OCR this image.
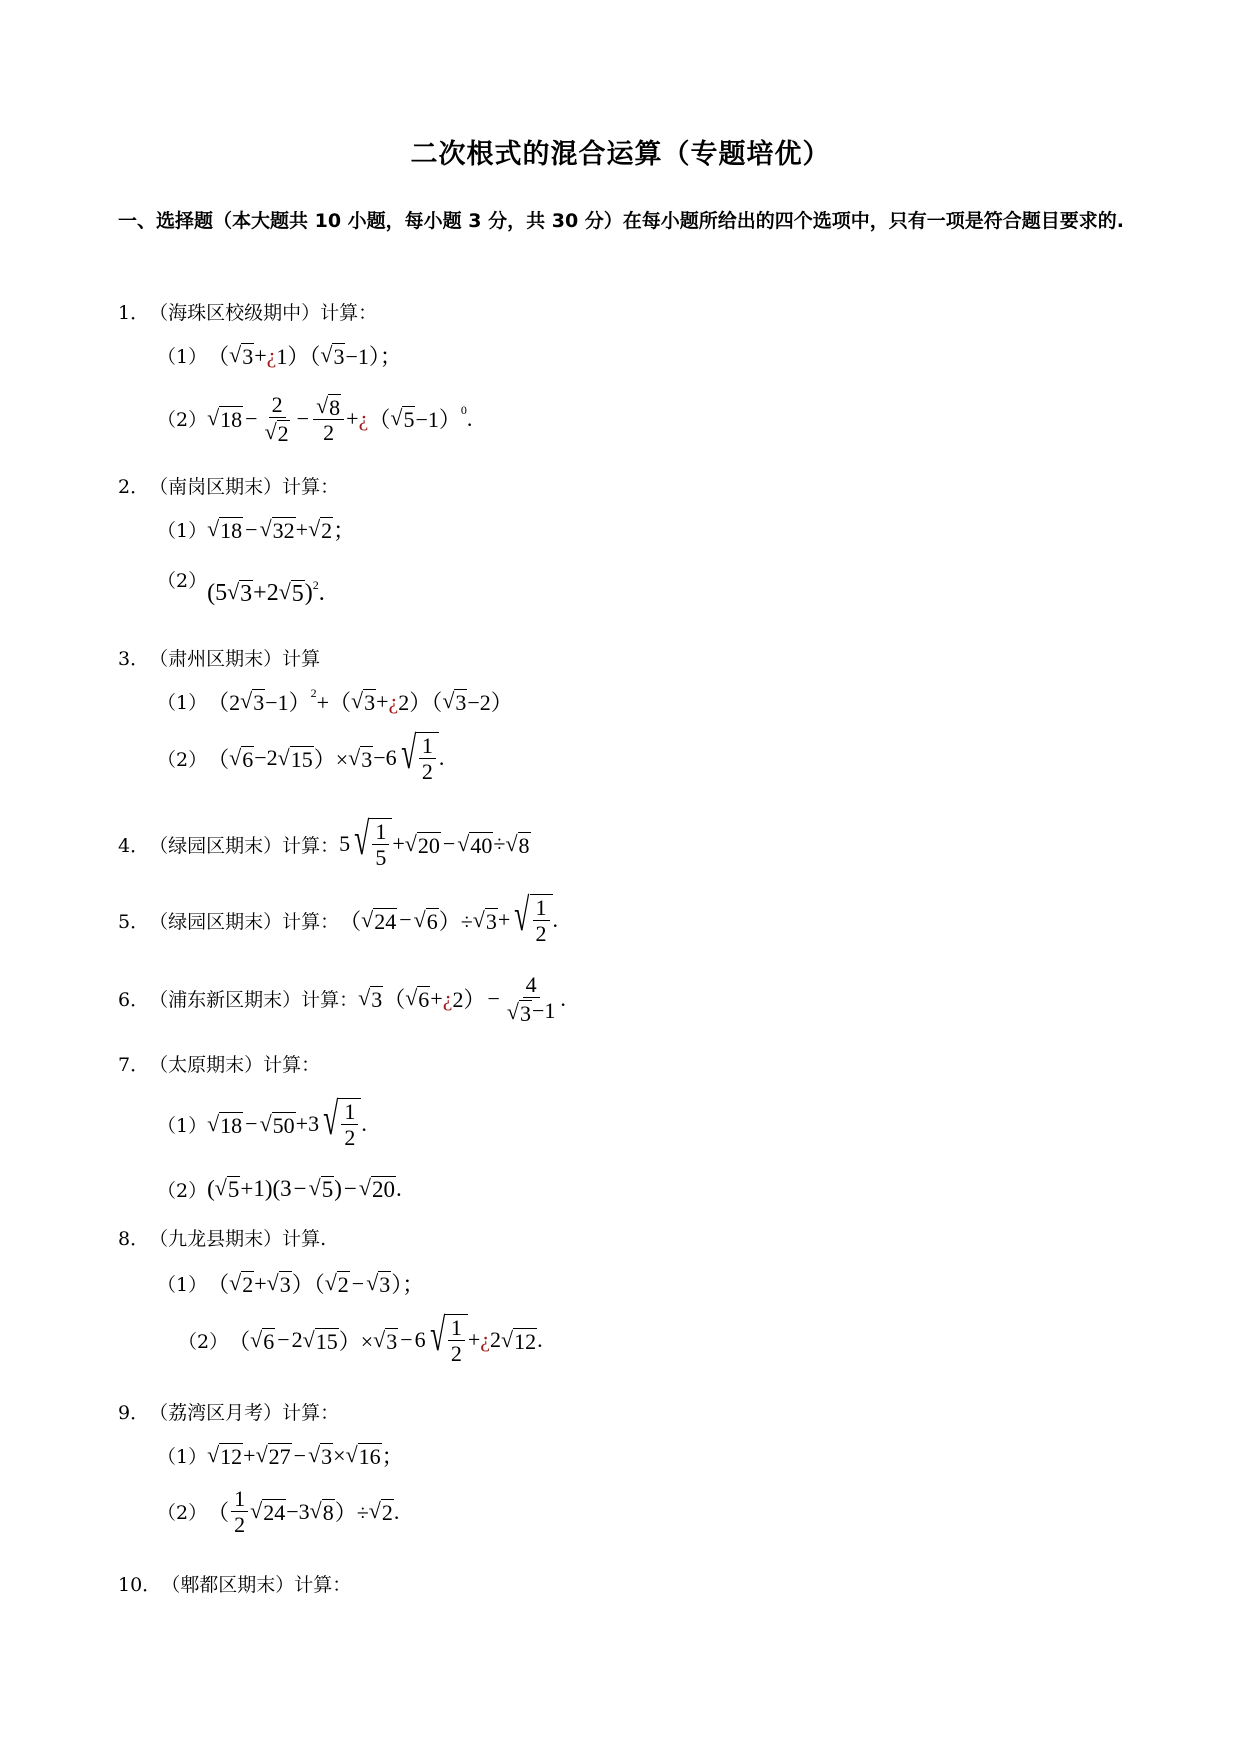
二次根式的混合运算（专题培优）
一、选择题（本大题共 10 小题，每小题 3 分，共 30 分）在每小题所给出的四个选项中，只有一项是符合题目要求的.
1． （海珠区校级期中）计算：
（1） （ √ 3 + ¿ 1）（ √ 3 −1）；
（2） √ $18 - \frac{2}{√ 2} - \frac{√ 8}{2}$ + ¿ （ √ 5 −1） 0 .
2． （南岗区期末）计算：
（1） √ 18 − √ 32 + √ 2 ；
（2） (5 √ 3 +2 √ 5 ) 2 .
3． （肃州区期末）计算
（1） （2 √ 3 −1） 2 +（ √ 3 + ¿ 2）（ √ 3 −2）
（2） （ √ 6 −2 √ 15 ）× √ 3 −6 √ $\frac{1}{2}$ .
4． （绿园区期末）计算： 5 √ $\frac{1}{5}$ + √ 20 − √ 40 ÷ √ 8
5． （绿园区期末）计算： （ √ 24 − √ 6 ）÷ √ 3 + √ $\frac{1}{2}$ .
6． （浦东新区期末）计算： √ 3 （ √ 6 + ¿ $2) - \frac{4}{√ 3 -1}$ .
7． （太原期末）计算：
（1） √ 18 − √ 50 +3 √ $\frac{1}{2}$ .
（2） ( √ 5 +1)(3 − √ 5 ) − √ 20 .
8． （九龙县期末）计算.
（1） （ √ 2 + √ 3 ）（ √ 2 − √ 3 ）；
（2） （ √ 6 − 2 √ 15 ）× √ 3 − 6 √ $\frac{1}{2}$ + ¿ 2 √ 12 .
9． （荔湾区月考）计算：
（1） √ 12 + √ 27 − √ 3 × √ 16 ；
（2） （ $\frac{1}{2}$ √ 24 −3 √ 8 ）÷ √ 2 .
10． （郫都区期末）计算：
